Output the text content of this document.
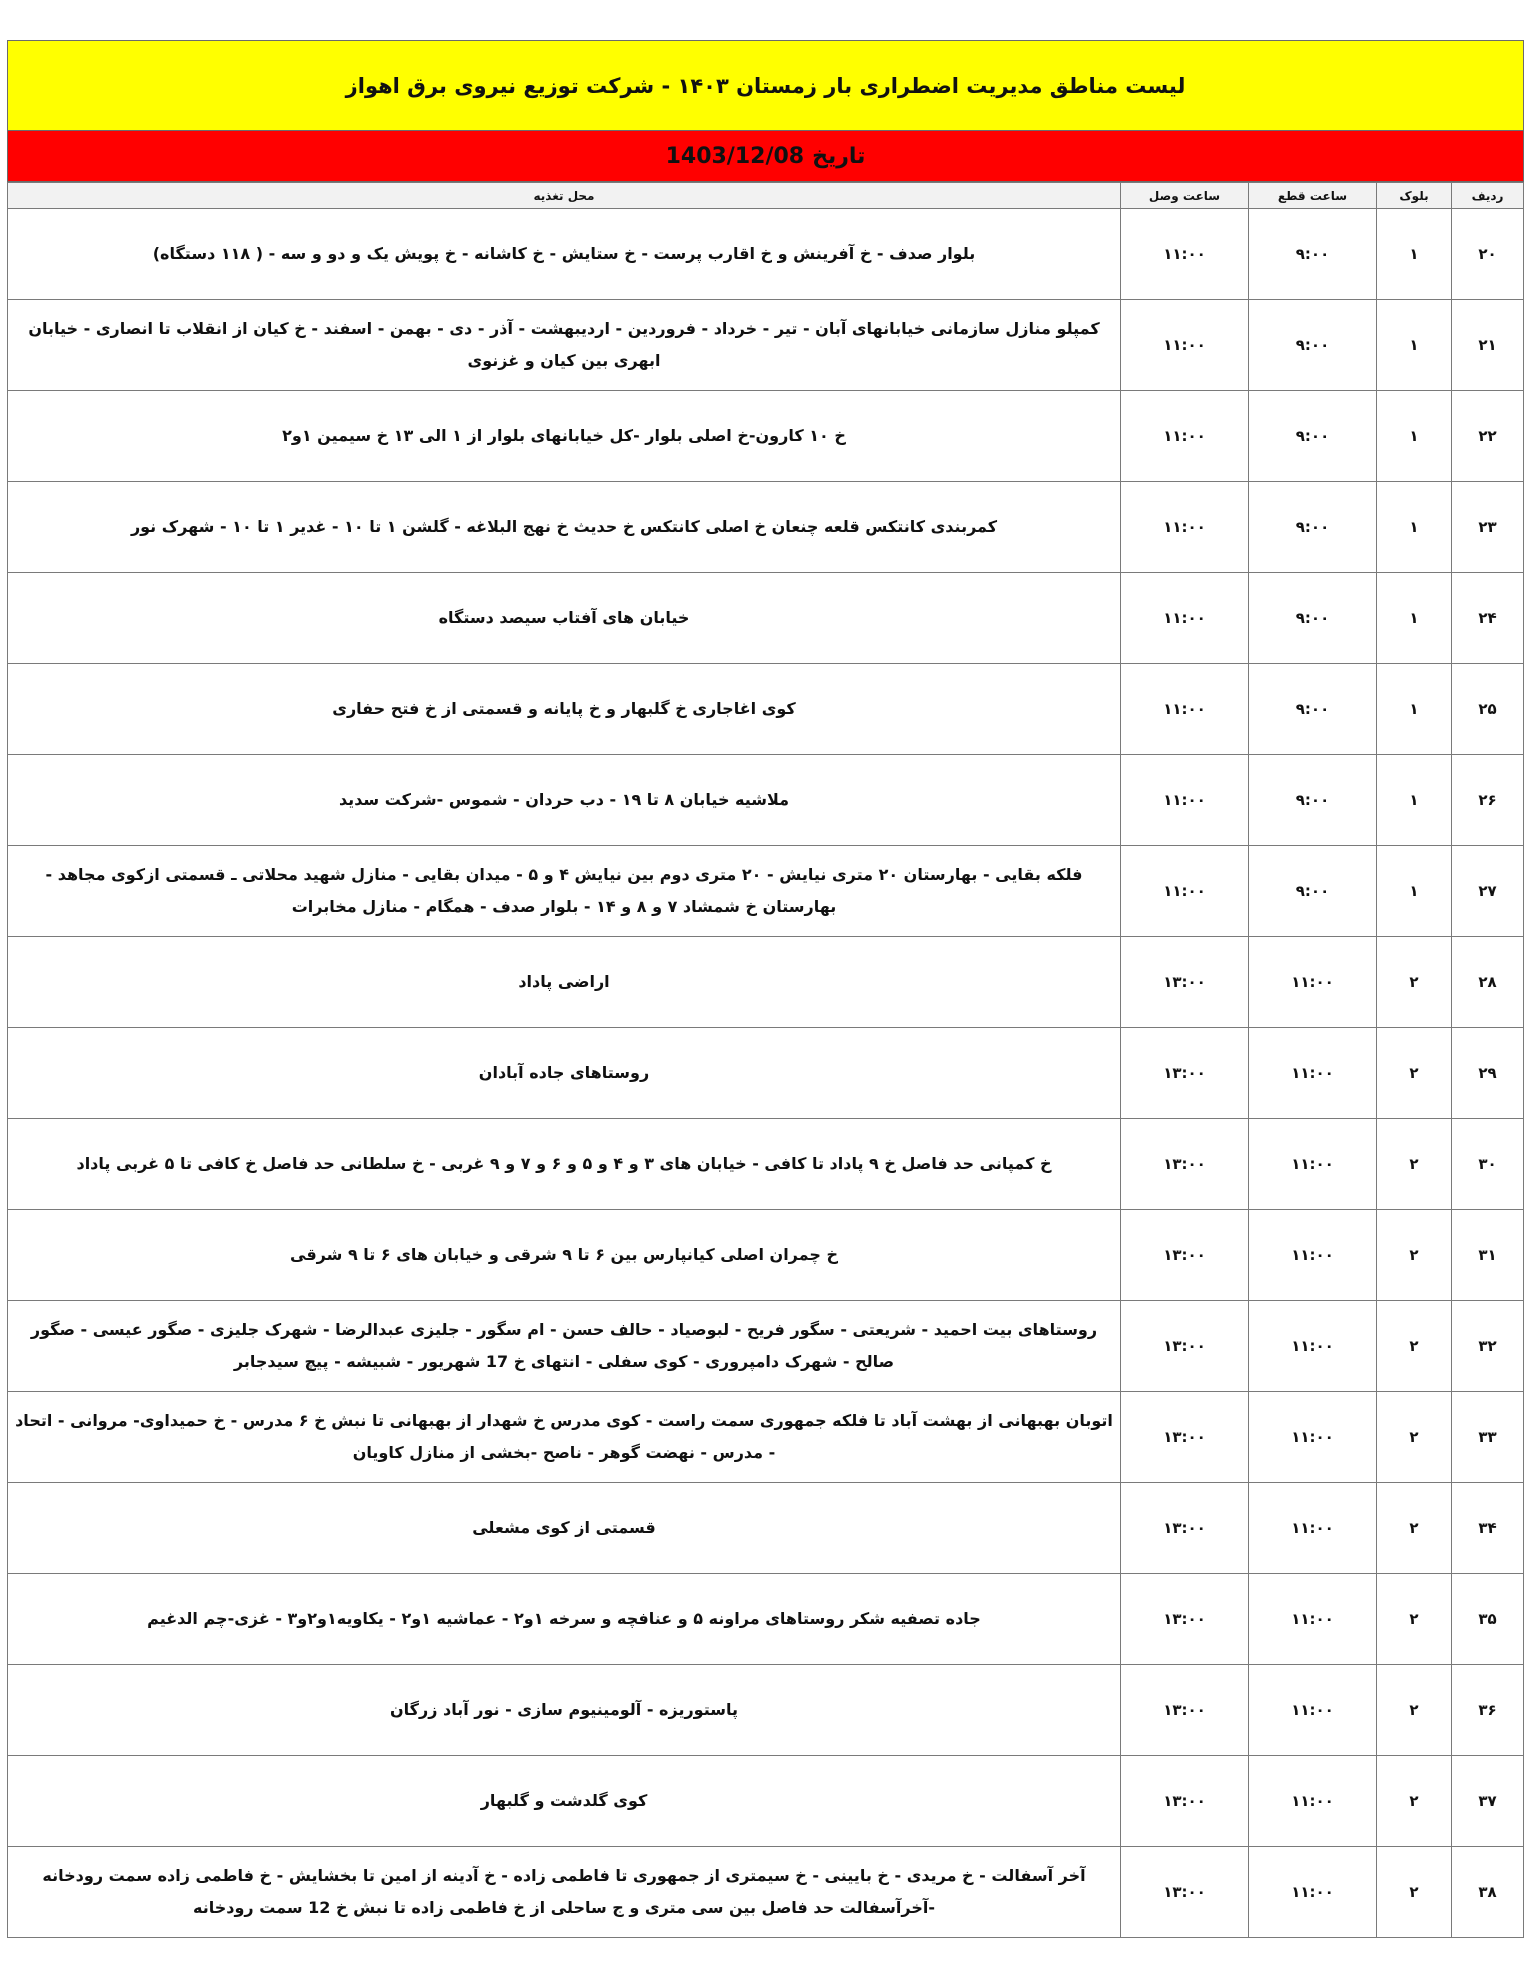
لیست مناطق مدیریت اضطراری بار زمستان ۱۴۰۳ - شرکت توزیع نیروی برق اهواز
تاریخ
1403/12/08
ردیف	بلوک	ساعت قطع	ساعت وصل	محل تغذیه
۲۰	۱	۹:۰۰	۱۱:۰۰	بلوار صدف - خ آفرینش و خ اقارب پرست - خ ستایش - خ کاشانه - خ پویش یک و دو و سه - ( ۱۱۸ دستگاه)
۲۱	۱	۹:۰۰	۱۱:۰۰	کمپلو منازل سازمانی خیابانهای آبان - تیر - خرداد - فروردین - اردیبهشت - آذر - دی - بهمن - اسفند - خ کیان از انقلاب تا انصاری - خیابان ابهری بین کیان و غزنوی
۲۲	۱	۹:۰۰	۱۱:۰۰	خ ۱۰ کارون-خ اصلی بلوار -کل خیابانهای بلوار از ۱ الی ۱۳ خ سیمین ۱و۲
۲۳	۱	۹:۰۰	۱۱:۰۰	کمربندی کانتکس قلعه چنعان خ اصلی کانتکس خ حدیث خ نهج البلاغه - گلشن ۱ تا ۱۰ - غدیر ۱ تا ۱۰ - شهرک نور
۲۴	۱	۹:۰۰	۱۱:۰۰	خیابان های آفتاب سیصد دستگاه
۲۵	۱	۹:۰۰	۱۱:۰۰	کوی اغاجاری خ گلبهار و خ پایانه و قسمتی از خ فتح حفاری
۲۶	۱	۹:۰۰	۱۱:۰۰	ملاشیه خیابان ۸ تا ۱۹ - دب حردان - شموس -شرکت سدید
۲۷	۱	۹:۰۰	۱۱:۰۰	فلکه بقایی - بهارستان ۲۰ متری نیایش - ۲۰ متری دوم بین نیایش ۴ و ۵ - میدان بقایی - منازل شهید محلاتی ـ قسمتی ازکوی مجاهد - بهارستان خ شمشاد ۷ و ۸ و ۱۴ - بلوار صدف - همگام - منازل مخابرات
۲۸	۲	۱۱:۰۰	۱۳:۰۰	اراضی پاداد
۲۹	۲	۱۱:۰۰	۱۳:۰۰	روستاهای جاده آبادان
۳۰	۲	۱۱:۰۰	۱۳:۰۰	خ کمپانی حد فاصل خ ۹ پاداد تا کافی - خیابان های ۳ و ۴ و ۵ و ۶ و ۷ و ۹ غربی - خ سلطانی حد فاصل خ کافی تا ۵ غربی پاداد
۳۱	۲	۱۱:۰۰	۱۳:۰۰	خ چمران اصلی کیانپارس بین ۶ تا ۹ شرقی و خیابان های ۶ تا ۹ شرقی
۳۲	۲	۱۱:۰۰	۱۳:۰۰	روستاهای بیت احمید - شریعتی - سگور فریح - لبوصیاد - حالف حسن - ام سگور - جلیزی عبدالرضا - شهرک جلیزی - صگور عیسی - صگور صالح - شهرک دامپروری - کوی سفلی - انتهای خ 17 شهریور - شبیشه - پیچ سیدجابر
۳۳	۲	۱۱:۰۰	۱۳:۰۰	اتوبان بهبهانی از بهشت آباد تا فلکه جمهوری سمت راست - کوی مدرس خ شهدار از بهبهانی تا نبش خ ۶ مدرس - خ حمیداوی- مروانی - اتحاد - مدرس - نهضت گوهر - ناصح -بخشی از منازل کاویان
۳۴	۲	۱۱:۰۰	۱۳:۰۰	قسمتی از کوی مشعلی
۳۵	۲	۱۱:۰۰	۱۳:۰۰	جاده تصفیه شکر روستاهای مراونه ۵ و عنافچه و سرخه ۱و۲ - عماشیه ۱و۲ - یکاویه۱و۲و۳ - غزی-چم الدغیم
۳۶	۲	۱۱:۰۰	۱۳:۰۰	پاستوریزه - آلومینیوم سازی - نور آباد زرگان
۳۷	۲	۱۱:۰۰	۱۳:۰۰	کوی گلدشت و گلبهار
۳۸	۲	۱۱:۰۰	۱۳:۰۰	آخر آسفالت - خ مریدی - خ بایینی - خ سیمتری از جمهوری تا فاطمی زاده - خ آدینه از امین تا بخشایش - خ فاطمی زاده سمت رودخانه -آخرآسفالت حد فاصل بین سی متری و ج ساحلی از خ فاطمی زاده تا نبش خ 12 سمت رودخانه
